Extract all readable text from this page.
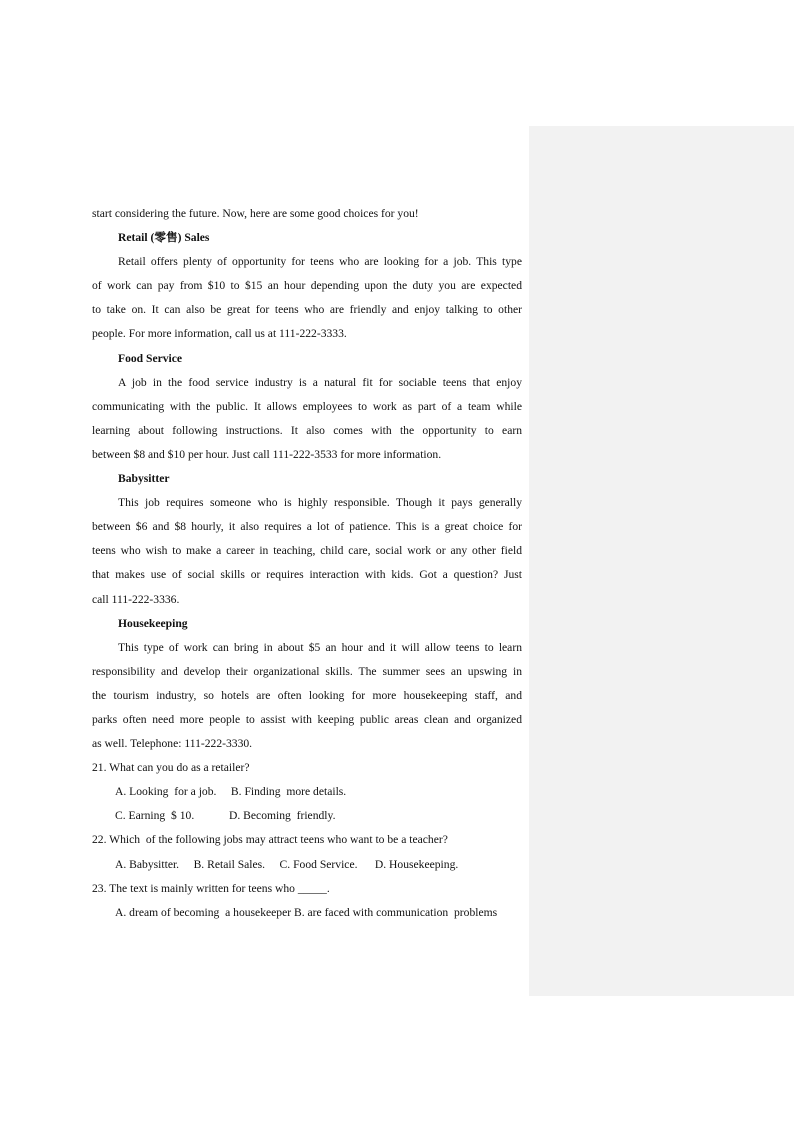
start considering the future. Now, here are some good choices for you!

Retail (零售) Sales

Retail offers plenty of opportunity for teens who are looking for a job. This type

of work can pay from $10 to $15 an hour depending upon the duty you are expected

to take on. It can also be great for teens who are friendly and enjoy talking to other

people. For more information, call us at 111-222-3333.

Food Service

A job in the food service industry is a natural fit for sociable teens that enjoy

communicating with the public. It allows employees to work as part of a team while

learning about following instructions. It also comes with the opportunity to earn

between $8 and $10 per hour. Just call 111-222-3533 for more information.

Babysitter

This job requires someone who is highly responsible. Though it pays generally

between $6 and $8 hourly, it also requires a lot of patience. This is a great choice for

teens who wish to make a career in teaching, child care, social work or any other field

that makes use of social skills or requires interaction with kids. Got a question? Just

call 111-222-3336.

Housekeeping

This type of work can bring in about $5 an hour and it will allow teens to learn

responsibility and develop their organizational skills. The summer sees an upswing in

the tourism industry, so hotels are often looking for more housekeeping staff, and

parks often need more people to assist with keeping public areas clean and organized

as well. Telephone: 111-222-3330.

21. What can you do as a retailer?

A. Looking  for a job.     B. Finding  more details.

C. Earning  $ 10.            D. Becoming  friendly.

22. Which  of the following jobs may attract teens who want to be a teacher?

A. Babysitter.     B. Retail Sales.     C. Food Service.      D. Housekeeping.

23. The text is mainly written for teens who _____.

A. dream of becoming  a housekeeper B. are faced with communication  problems
